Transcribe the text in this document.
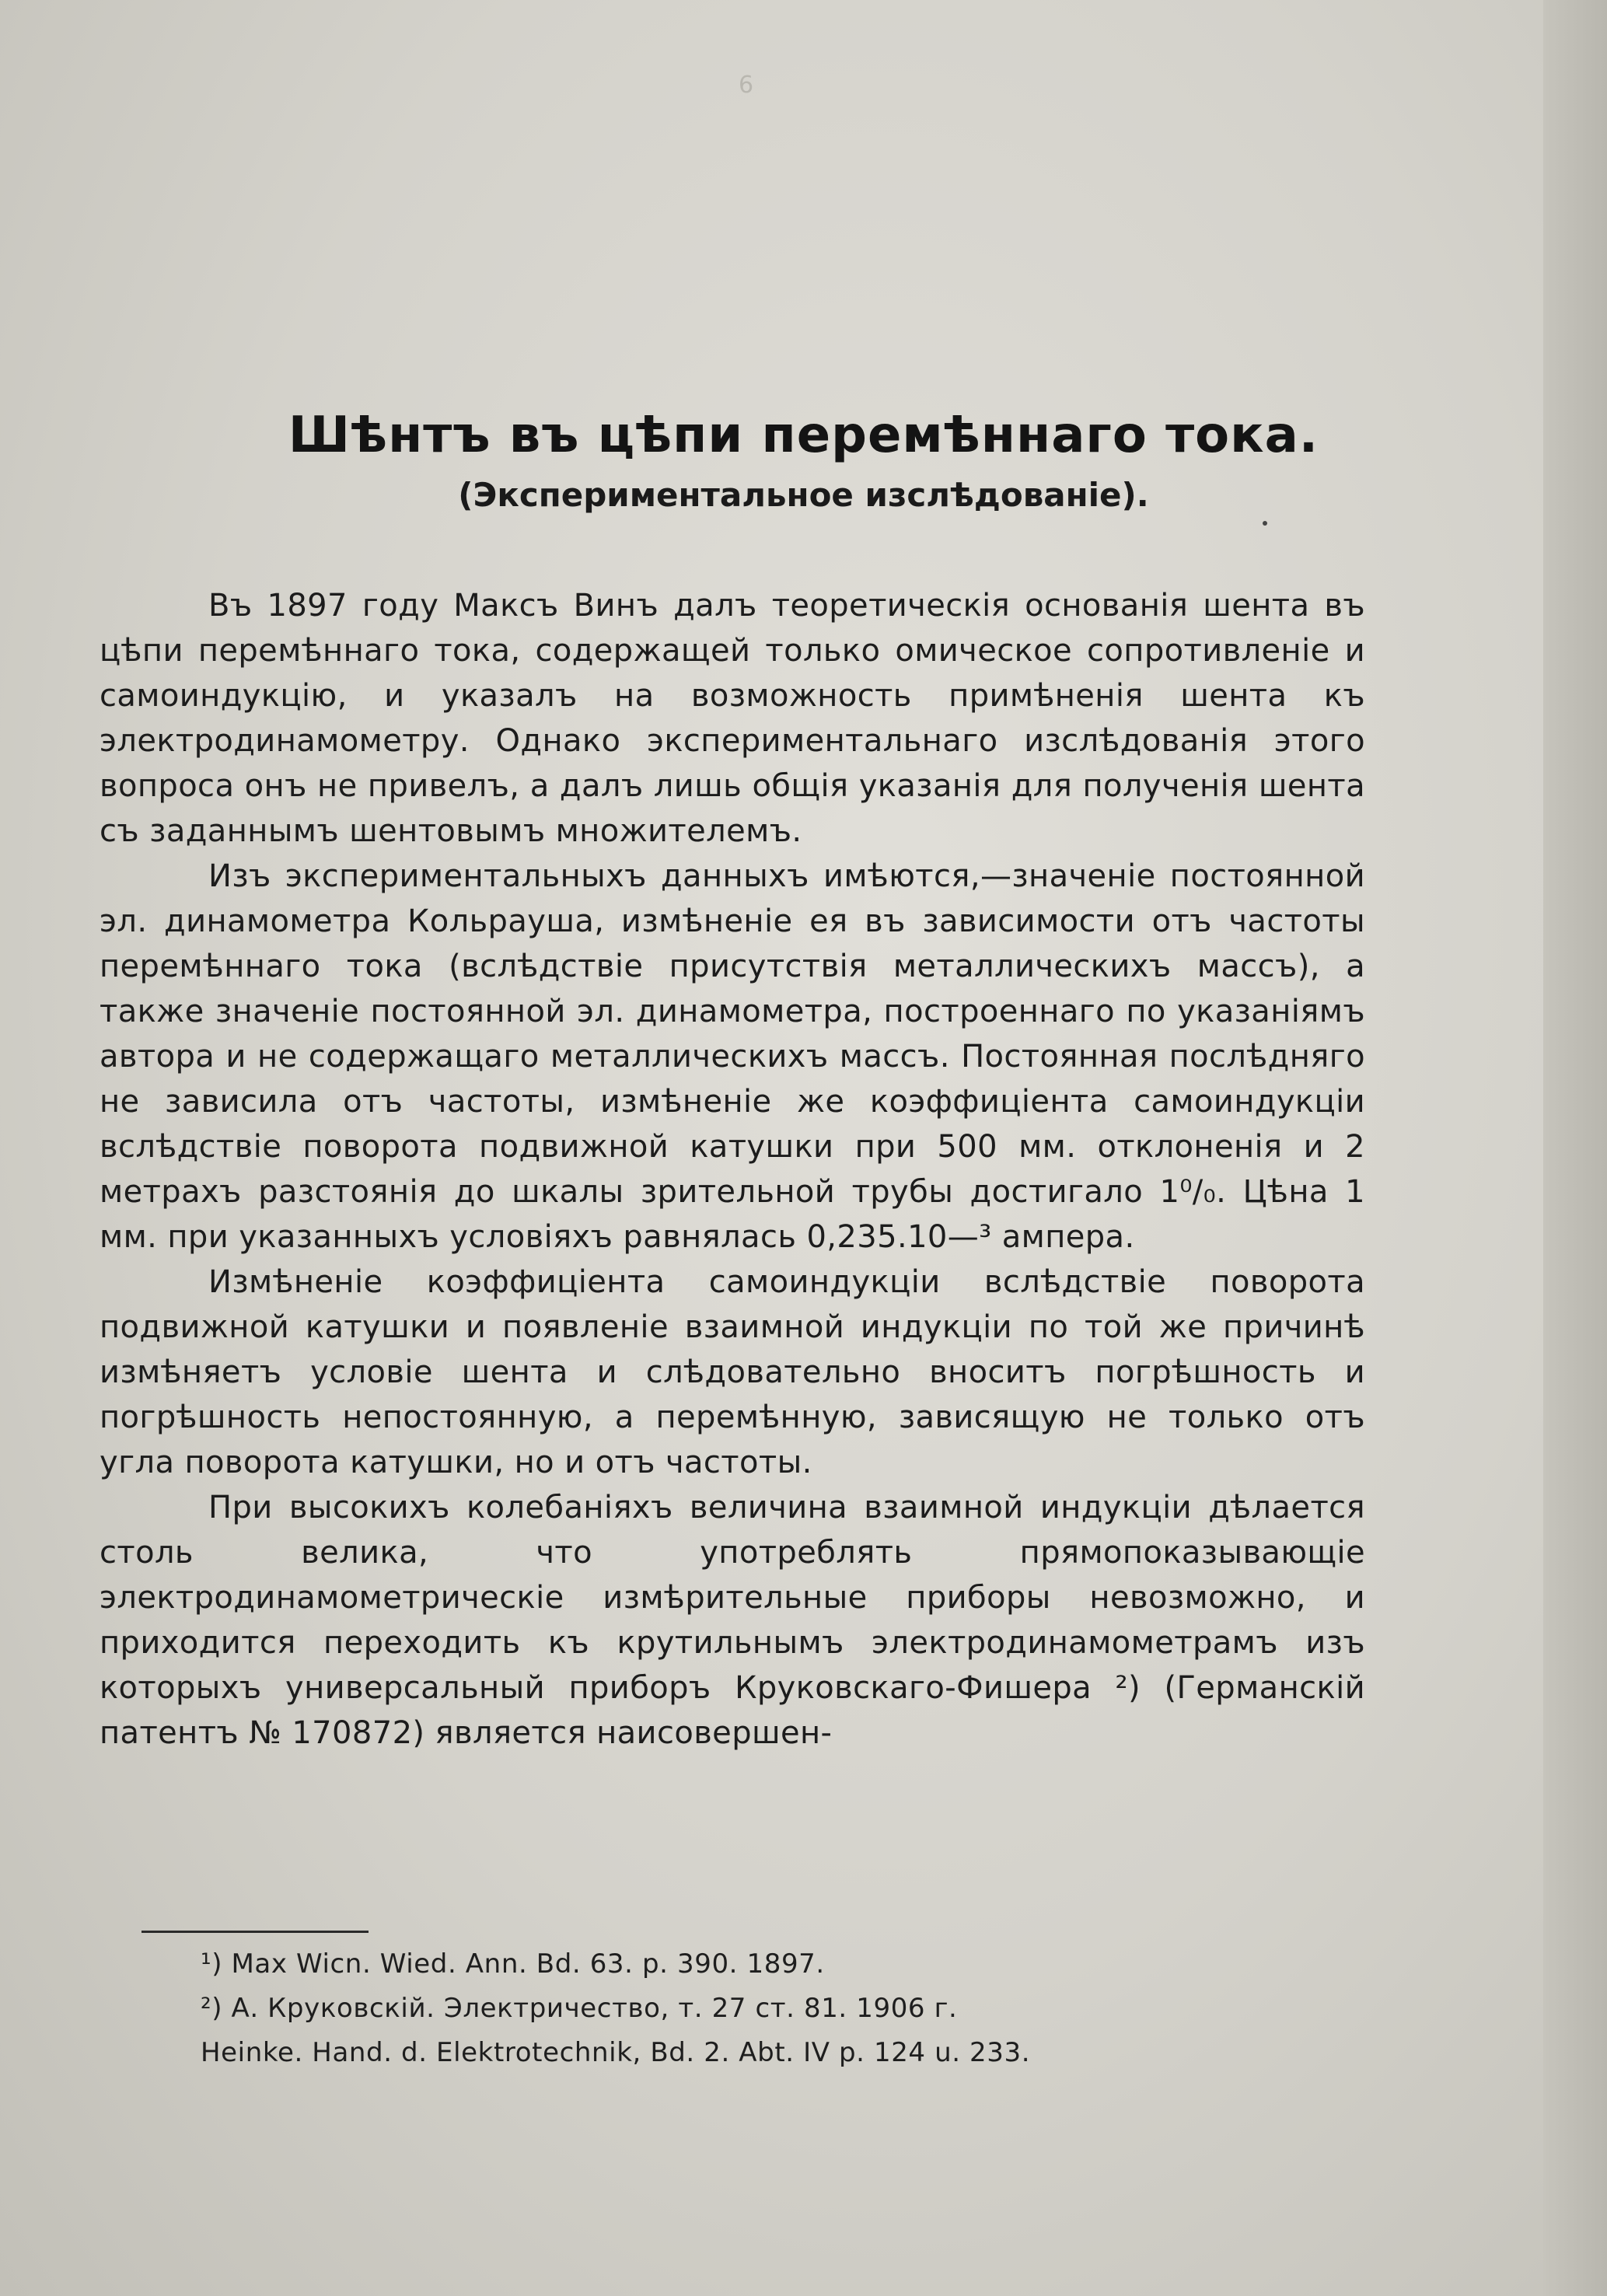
6
Шѣнтъ въ цѣпи перемѣннаго тока.
(Экспериментальное изслѣдованіе).

Въ 1897 году Максъ Винъ далъ теоретическія основанія шента въ цѣпи перемѣннаго тока, содержащей только омическое сопротивленіе и самоиндукцію, и указалъ на возможность примѣненія шента къ электродинамометру. Однако экспериментальнаго изслѣдованія этого вопроса онъ не привелъ, а далъ лишь общія указанія для полученія шента съ заданнымъ шентовымъ множителемъ.

Изъ экспериментальныхъ данныхъ имѣются,—значеніе постоянной эл. динамометра Кольрауша, измѣненіе ея въ зависимости отъ частоты перемѣннаго тока (вслѣдствіе присутствія металлическихъ массъ), а также значеніе постоянной эл. динамометра, построеннаго по указаніямъ автора и не содержащаго металлическихъ массъ. Постоянная послѣдняго не зависила отъ частоты, измѣненіе же коэффиціента самоиндукціи вслѣдствіе поворота подвижной катушки при 500 мм. отклоненія и 2 метрахъ разстоянія до шкалы зрительной трубы достигало 1⁰/₀. Цѣна 1 мм. при указанныхъ условіяхъ равнялась 0,235.10—³ ампера.

Измѣненіе коэффиціента самоиндукціи вслѣдствіе поворота подвижной катушки и появленіе взаимной индукціи по той же причинѣ измѣняетъ условіе шента и слѣдовательно вноситъ погрѣшность и погрѣшность непостоянную, а перемѣнную, зависящую не только отъ угла поворота катушки, но и отъ частоты.

При высокихъ колебаніяхъ величина взаимной индукціи дѣлается столь велика, что употреблять прямопоказывающіе электродинамометрическіе измѣрительные приборы невозможно, и приходится переходить къ крутильнымъ электродинамометрамъ изъ которыхъ универсальный приборъ Круковскаго-Фишера ²) (Германскій патентъ № 170872) является наисовершен-

¹) Max Wicn. Wied. Ann. Bd. 63. p. 390. 1897.

²) А. Круковскій. Электричество, т. 27 ст. 81. 1906 г.

Heinke. Hand. d. Elektrotechnik, Bd. 2. Abt. IV p. 124 u. 233.
